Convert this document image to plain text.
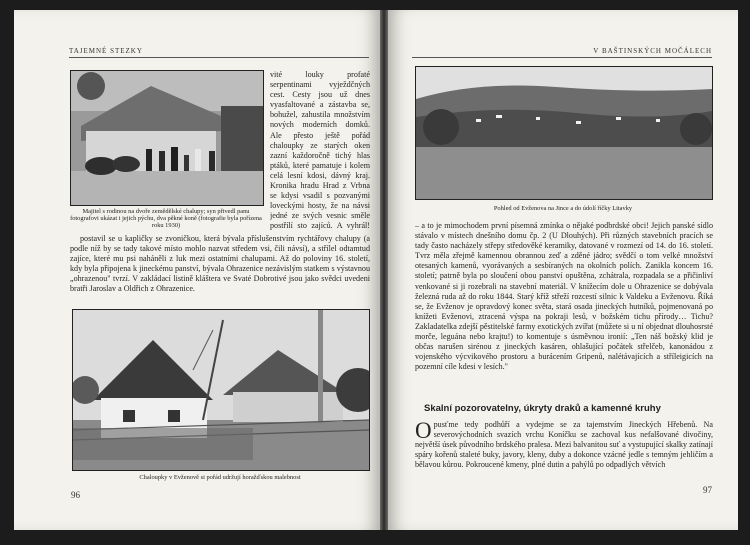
TAJEMNÉ STEZKY
Majitel s rodinou na dvoře zemědělské chalupy; syn přivedl panu fotografovi ukázat i jejich pýchu, dva pěkné koně (fotografie byla pořízena roku 1930)
vité louky profaté serpentinami vyježdčných cest. Cesty jsou už dnes vyasfaltované a zástavba se, bohužel, zahustila množstvím nových moderních domků. Ale přesto ještě pořád chaloupky ze starých oken zazní každoročně tichý hlas ptáků, které pamatuje i kolem celá lesní kdosi, dávný kraj. Kronika hradu Hrad z Vrbna se kdysi vsadil s pozvanými loveckými hosty, že na návsi jedné ze svých vesnic směle postřílí sto zajíců. A vyhrál!
postavil se u kapličky se zvoničkou, která bývala příslušenstvím rychtářovy chalupy (a podle níž by se tady takové místo mohlo nazvat středem vsi, čili návsí), a střílel odtamtud zajíce, které mu psi naháněli z luk mezi ostatními chalupami. Až do poloviny 16. století, kdy byla připojena k jineckému panství, bývala Ohrazenice nezávislým statkem s výstavnou „ohrazenou" tvrzí. V zakládací listině kláštera ve Svaté Dobrotivé jsou jako svědci uvedeni bratři Jaroslav a Oldřich z Ohrazenice.
Chaloupky v Evženově si pořád udržují horažďskou malebnost
96
V BAŠTINSKÝCH MOČÁLECH
Pohled od Evženova na Jince a do údolí říčky Litavky
– a to je mimochodem první písemná zmínka o nějaké podbrdské obci! Jejich panské sídlo stávalo v místech dnešního domu čp. 2 (U Dlouhých). Při různých stavebních pracích se tady často nacházely střepy středověké keramiky, datované v rozmezí od 14. do 16. století. Tvrz měla zřejmě kamennou obrannou zeď a zděné jádro; svědčí o tom velké množství otesaných kamenů, vyorávaných a sesbíraných na okolních polích. Zanikla koncem 16. století; patrně byla po sloučení obou panství opuštěna, zchátrala, rozpadala se a přičinliví venkované si ji rozebrali na stavební materiál. V knížecím dole u Ohrazenice se dobývala železná ruda až do roku 1844. Starý kříž střeží rozcestí silnic k Valdeku a Evženovu. Říká se, že Evženov je opravdový konec světa, stará osada jineckých hutníků, pojmenovaná po knížeti Evženovi, ztracená výspa na pokraji lesů, v božském tichu přírody… Tichu? Zakladatelka zdejší pěstitelské farmy exotických zvířat (můžete si u ní objednat dlouhosrsté morče, leguána nebo krajtu!) to komentuje s úsměvnou ironií: „Ten náš božský klid je občas narušen sirénou z jineckých kasáren, ohlašující počátek střelčeb, kanonádou z vojenského výcvikového prostoru a burácením Gripenů, nalétávajících a stříleigicích na pozemní cíle kdesi v lesích."
Skalní pozorovatelny, úkryty draků a kamenné kruhy
Opusťme tedy podhůří a vydejme se za tajemstvím Jineckých Hřebenů. Na severovýchodních svazích vrchu Koníčku se zachoval kus nefalšované divočiny, největší úsek původního brdského pralesa. Mezi balvanitou suť a vystupující skalky zatínají spáry kořenů staleté buky, javory, kleny, duby a dokonce vzácné jedle s temným jehličím a bělavou kůrou. Pokroucené kmeny, plné dutin a pahýlů po odpadlých větvích
97
